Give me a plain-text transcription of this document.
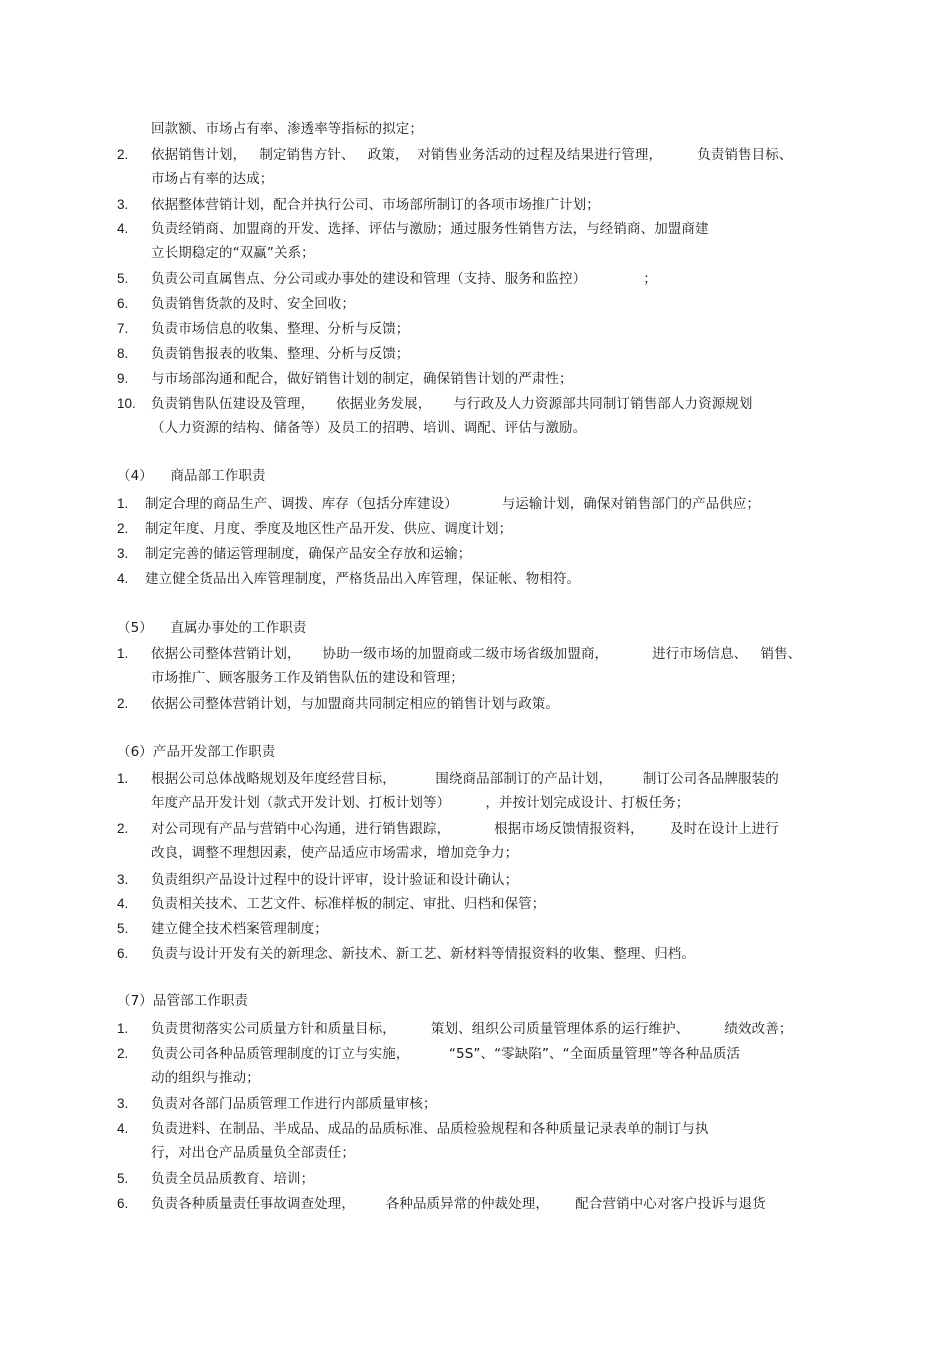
回款额、市场占有率、渗透率等指标的拟定；
2. 依据销售计划，   制定销售方针、   政策，  对销售业务活动的过程及结果进行管理，        负责销售目标、
市场占有率的达成；
3. 依据整体营销计划，配合并执行公司、市场部所制订的各项市场推广计划；
4. 负责经销商、加盟商的开发、选择、评估与激励；通过服务性销售方法，与经销商、加盟商建
立长期稳定的“双赢”关系；
5. 负责公司直属售点、分公司或办事处的建设和管理（支持、服务和监控）             ；
6. 负责销售货款的及时、安全回收；
7. 负责市场信息的收集、整理、分析与反馈；
8. 负责销售报表的收集、整理、分析与反馈；
9. 与市场部沟通和配合，做好销售计划的制定，确保销售计划的严肃性；
10. 负责销售队伍建设及管理，     依据业务发展，     与行政及人力资源部共同制订销售部人力资源规划
（人力资源的结构、储备等）及员工的招聘、培训、调配、评估与激励。
（4）    商品部工作职责
1. 制定合理的商品生产、调拨、库存（包括分库建设）          与运输计划，确保对销售部门的产品供应；
2. 制定年度、月度、季度及地区性产品开发、供应、调度计划；
3. 制定完善的储运管理制度，确保产品安全存放和运输；
4. 建立健全货品出入库管理制度，严格货品出入库管理，保证帐、物相符。
（5）    直属办事处的工作职责
1. 依据公司整体营销计划，     协助一级市场的加盟商或二级市场省级加盟商，          进行市场信息、   销售、
市场推广、顾客服务工作及销售队伍的建设和管理；
2. 依据公司整体营销计划，与加盟商共同制定相应的销售计划与政策。
（6）产品开发部工作职责
1. 根据公司总体战略规划及年度经营目标，         围绕商品部制订的产品计划，       制订公司各品牌服装的
年度产品开发计划（款式开发计划、打板计划等）        ，并按计划完成设计、打板任务；
2. 对公司现有产品与营销中心沟通，进行销售跟踪，          根据市场反馈情报资料，      及时在设计上进行
改良，调整不理想因素，使产品适应市场需求，增加竞争力；
3. 负责组织产品设计过程中的设计评审，设计验证和设计确认；
4. 负责相关技术、工艺文件、标准样板的制定、审批、归档和保管；
5. 建立健全技术档案管理制度；
6. 负责与设计开发有关的新理念、新技术、新工艺、新材料等情报资料的收集、整理、归档。
（7）品管部工作职责
1. 负责贯彻落实公司质量方针和质量目标，        策划、组织公司质量管理体系的运行维护、        绩效改善；
2. 负责公司各种品质管理制度的订立与实施，         “5S”、“零缺陷”、“全面质量管理”等各种品质活
动的组织与推动；
3. 负责对各部门品质管理工作进行内部质量审核；
4. 负责进料、在制品、半成品、成品的品质标准、品质检验规程和各种质量记录表单的制订与执
行，对出仓产品质量负全部责任；
5. 负责全员品质教育、培训；
6. 负责各种质量责任事故调查处理，       各种品质异常的仲裁处理，      配合营销中心对客户投诉与退货
